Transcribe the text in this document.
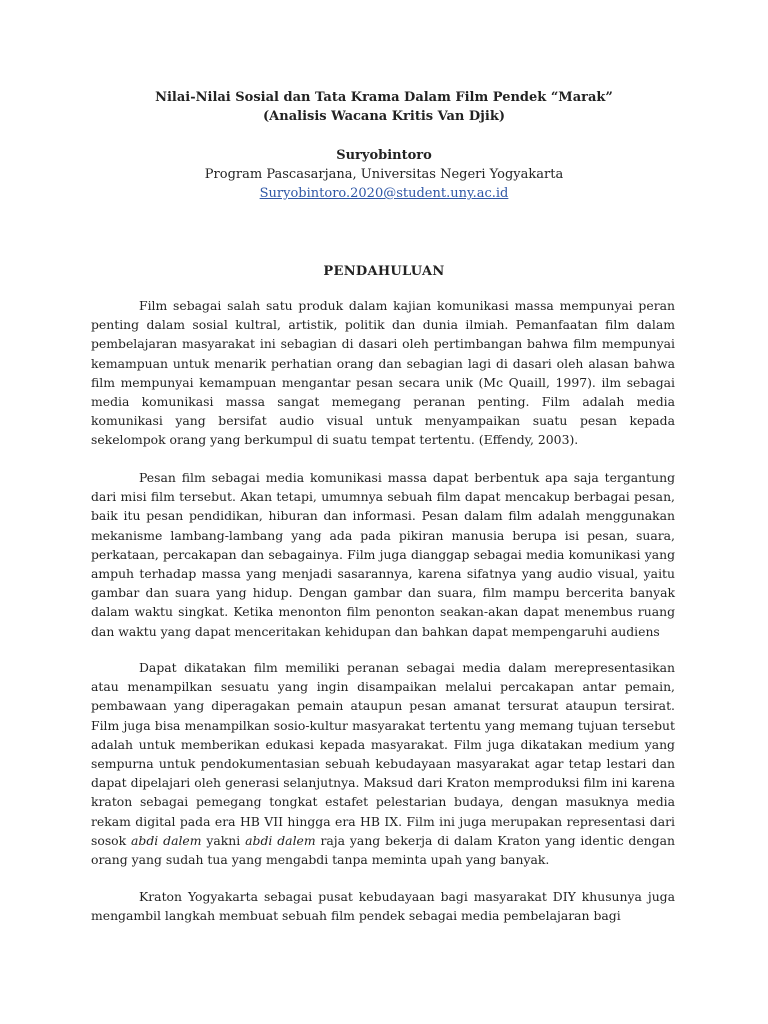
Nilai-Nilai Sosial dan Tata Krama Dalam Film Pendek “Marak”

(Analisis Wacana Kritis Van Djik)

Suryobintoro

Program Pascasarjana, Universitas Negeri Yogyakarta

Suryobintoro.2020@student.uny.ac.id

PENDAHULUAN

Film sebagai salah satu produk dalam kajian komunikasi massa mempunyai peran penting dalam sosial kultral, artistik, politik dan dunia ilmiah. Pemanfaatan film dalam pembelajaran masyarakat ini sebagian di dasari oleh pertimbangan bahwa film mempunyai kemampuan untuk menarik perhatian orang dan sebagian lagi di dasari oleh alasan bahwa film mempunyai kemampuan mengantar pesan secara unik (Mc Quaill, 1997). ilm sebagai media komunikasi massa sangat memegang peranan penting. Film adalah media komunikasi yang bersifat audio visual untuk menyampaikan suatu pesan kepada sekelompok orang yang berkumpul di suatu tempat tertentu. (Effendy, 2003).

Pesan film sebagai media komunikasi massa dapat berbentuk apa saja tergantung dari misi film tersebut. Akan tetapi, umumnya sebuah film dapat mencakup berbagai pesan, baik itu pesan pendidikan, hiburan dan informasi. Pesan dalam film adalah menggunakan mekanisme lambang-lambang yang ada pada pikiran manusia berupa isi pesan, suara, perkataan, percakapan dan sebagainya. Film juga dianggap sebagai media komunikasi yang ampuh terhadap massa yang menjadi sasarannya, karena sifatnya yang audio visual, yaitu gambar dan suara yang hidup. Dengan gambar dan suara, film mampu bercerita banyak dalam waktu singkat. Ketika menonton film penonton seakan-akan dapat menembus ruang dan waktu yang dapat menceritakan kehidupan dan bahkan dapat mempengaruhi audiens

Dapat dikatakan film memiliki peranan sebagai media dalam merepresentasikan atau menampilkan sesuatu yang ingin disampaikan melalui percakapan antar pemain, pembawaan yang diperagakan pemain ataupun pesan amanat tersurat ataupun tersirat. Film juga bisa menampilkan sosio-kultur masyarakat tertentu yang memang tujuan tersebut adalah untuk memberikan edukasi kepada masyarakat. Film juga dikatakan medium yang sempurna untuk pendokumentasian sebuah kebudayaan masyarakat agar tetap lestari dan dapat dipelajari oleh generasi selanjutnya. Maksud dari Kraton memproduksi film ini karena kraton sebagai pemegang tongkat estafet pelestarian budaya, dengan masuknya media rekam digital pada era HB VII hingga era HB IX. Film ini juga merupakan representasi dari sosok abdi dalem yakni abdi dalem raja yang bekerja di dalam Kraton yang identic dengan orang yang sudah tua yang mengabdi tanpa meminta upah yang banyak.

Kraton Yogyakarta sebagai pusat kebudayaan bagi masyarakat DIY khusunya juga mengambil langkah membuat sebuah film pendek sebagai media pembelajaran bagi
